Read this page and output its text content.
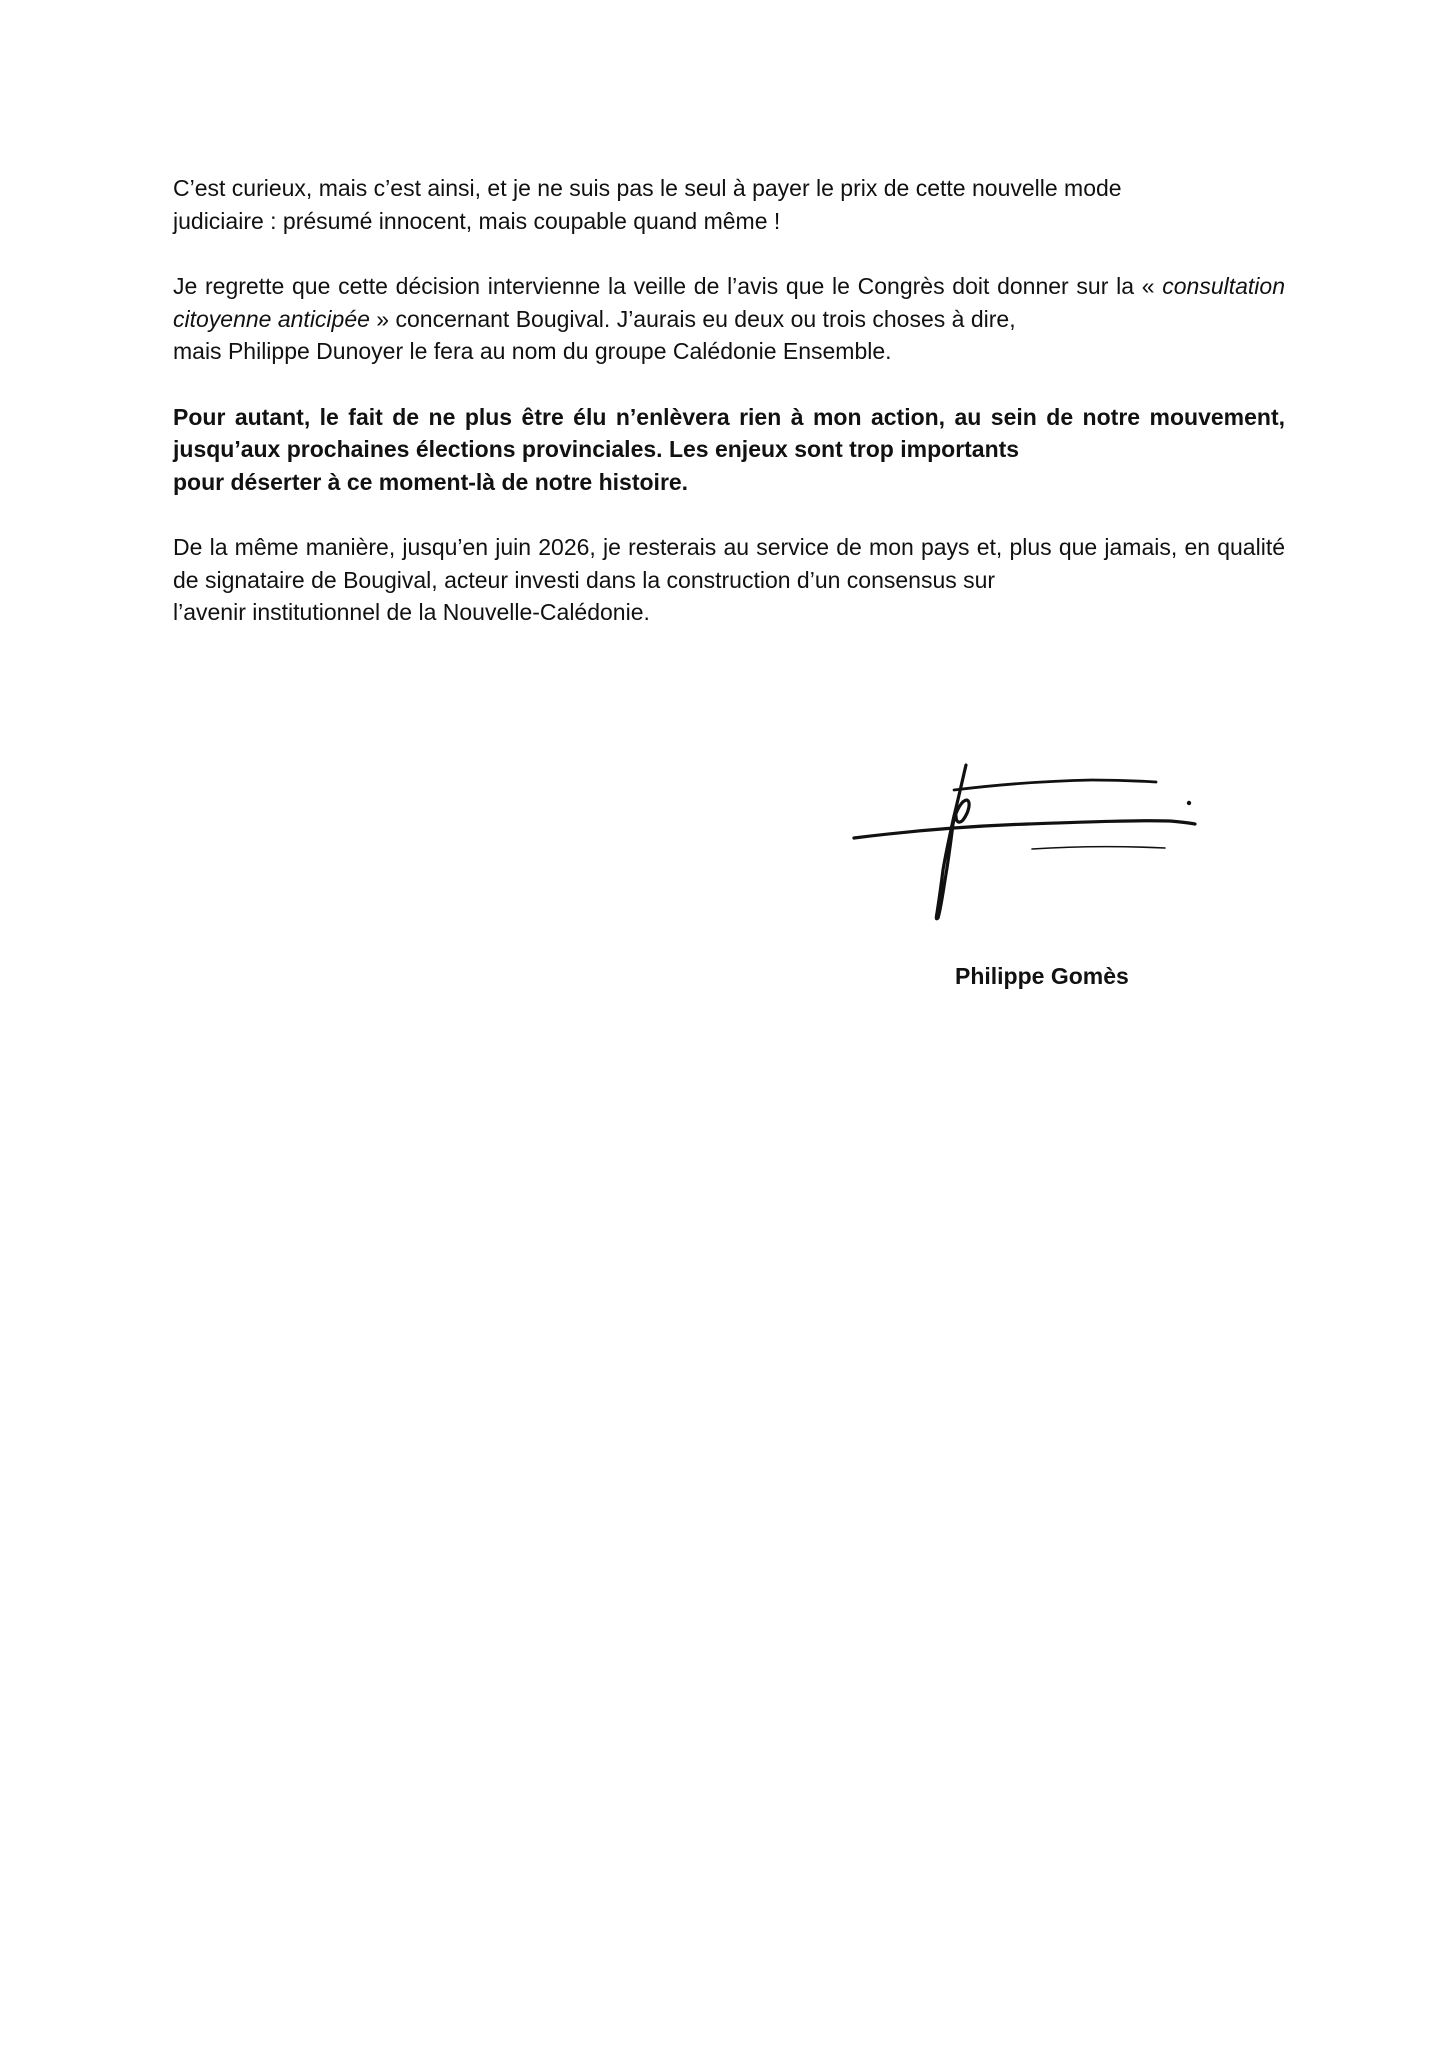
C’est curieux, mais c’est ainsi, et je ne suis pas le seul à payer le prix de cette nouvelle mode
judiciaire : présumé innocent, mais coupable quand même !

Je regrette que cette décision intervienne la veille de l’avis que le Congrès doit donner sur la « consultation citoyenne anticipée » concernant Bougival. J’aurais eu deux ou trois choses à dire,
mais Philippe Dunoyer le fera au nom du groupe Calédonie Ensemble.

Pour autant, le fait de ne plus être élu n’enlèvera rien à mon action, au sein de notre mouvement, jusqu’aux prochaines élections provinciales. Les enjeux sont trop importants
pour déserter à ce moment-là de notre histoire.

De la même manière, jusqu’en juin 2026, je resterais au service de mon pays et, plus que jamais, en qualité de signataire de Bougival, acteur investi dans la construction d’un consensus sur
l’avenir institutionnel de la Nouvelle-Calédonie.

Philippe Gomès
